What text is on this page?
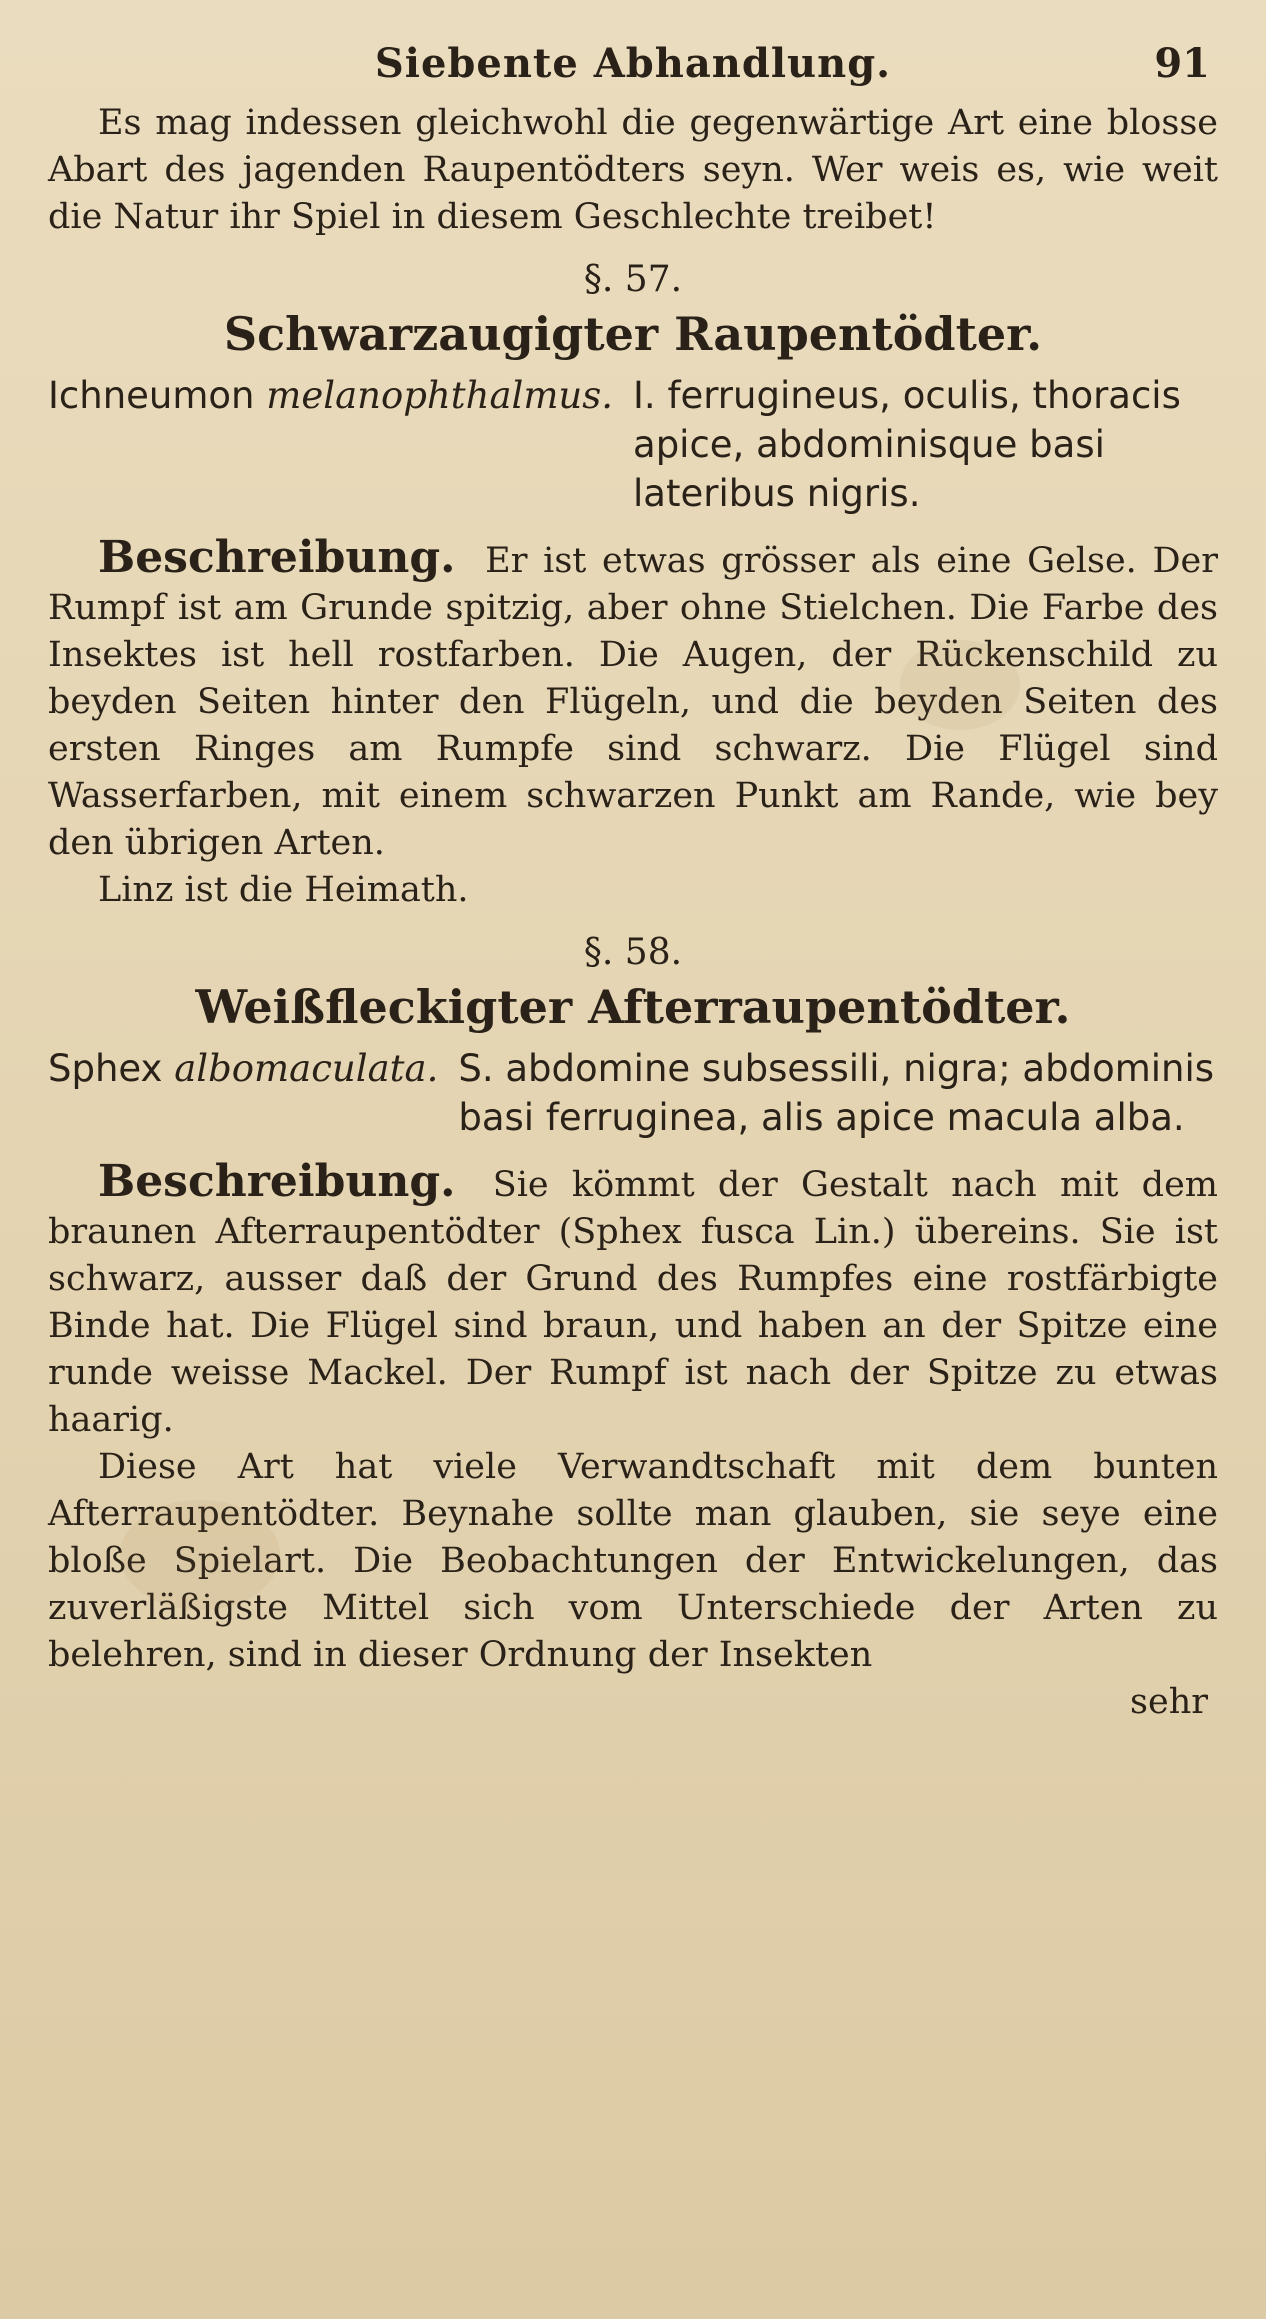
Siebente Abhandlung.	91

Es mag indessen gleichwohl die gegenwärtige Art eine blosse Abart des jagenden Raupentödters seyn. Wer weis es, wie weit die Natur ihr Spiel in diesem Geschlechte treibet!

§. 57.
Schwarzaugigter Raupentödter.
Ichneumon melanophthalmus. I. ferrugineus, oculis, thoracis apice, abdominisque basi lateribus nigris.

Beschreibung. Er ist etwas grösser als eine Gelse. Der Rumpf ist am Grunde spitzig, aber ohne Stielchen. Die Farbe des Insektes ist hell rostfarben. Die Augen, der Rückenschild zu beyden Seiten hinter den Flügeln, und die beyden Seiten des ersten Ringes am Rumpfe sind schwarz. Die Flügel sind Wasserfarben, mit einem schwarzen Punkt am Rande, wie bey den übrigen Arten.

Linz ist die Heimath.

§. 58.
Weißfleckigter Afterraupentödter.
Sphex albomaculata. S. abdomine subsessili, nigra; abdominis basi ferruginea, alis apice macula alba.

Beschreibung. Sie kömmt der Gestalt nach mit dem braunen Afterraupentödter (Sphex fusca Lin.) übereins. Sie ist schwarz, ausser daß der Grund des Rumpfes eine rostfärbigte Binde hat. Die Flügel sind braun, und haben an der Spitze eine runde weisse Mackel. Der Rumpf ist nach der Spitze zu etwas haarig.

Diese Art hat viele Verwandtschaft mit dem bunten Afterraupentödter. Beynahe sollte man glauben, sie seye eine bloße Spielart. Die Beobachtungen der Entwickelungen, das zuverläßigste Mittel sich vom Unterschiede der Arten zu belehren, sind in dieser Ordnung der Insekten

sehr
